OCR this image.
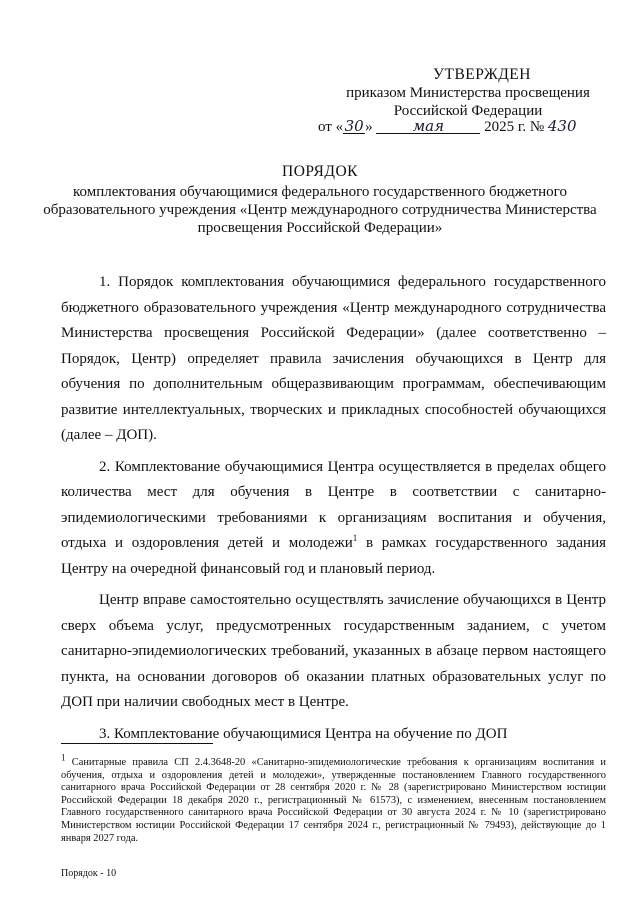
УТВЕРЖДЕН
приказом Министерства просвещения
Российской Федерации
от «30»	мая	2025 г. № 430
ПОРЯДОК
комплектования обучающимися федерального государственного бюджетного образовательного учреждения «Центр международного сотрудничества Министерства просвещения Российской Федерации»

1. Порядок комплектования обучающимися федерального государственного бюджетного образовательного учреждения «Центр международного сотрудничества Министерства просвещения Российской Федерации» (далее соответственно – Порядок, Центр) определяет правила зачисления обучающихся в Центр для обучения по дополнительным общеразвивающим программам, обеспечивающим развитие интеллектуальных, творческих и прикладных способностей обучающихся (далее – ДОП).

2. Комплектование обучающимися Центра осуществляется в пределах общего количества мест для обучения в Центре в соответствии с санитарно-эпидемиологическими требованиями к организациям воспитания и обучения, отдыха и оздоровления детей и молодежи$^1$ в рамках государственного задания Центру на очередной финансовый год и плановый период.

Центр вправе самостоятельно осуществлять зачисление обучающихся в Центр сверх объема услуг, предусмотренных государственным заданием, с учетом санитарно-эпидемиологических требований, указанных в абзаце первом настоящего пункта, на основании договоров об оказании платных образовательных услуг по ДОП при наличии свободных мест в Центре.

3. Комплектование обучающимися Центра на обучение по ДОП

$^1$ Санитарные правила СП 2.4.3648-20 «Санитарно-эпидемиологические требования к организациям воспитания и обучения, отдыха и оздоровления детей и молодежи», утвержденные постановлением Главного государственного санитарного врача Российской Федерации от 28 сентября 2020 г. № 28 (зарегистрировано Министерством юстиции Российской Федерации 18 декабря 2020 г., регистрационный № 61573), с изменением, внесенным постановлением Главного государственного санитарного врача Российской Федерации от 30 августа 2024 г. № 10 (зарегистрировано Министерством юстиции Российской Федерации 17 сентября 2024 г., регистрационный № 79493), действующие до 1 января 2027 года.

Порядок - 10
